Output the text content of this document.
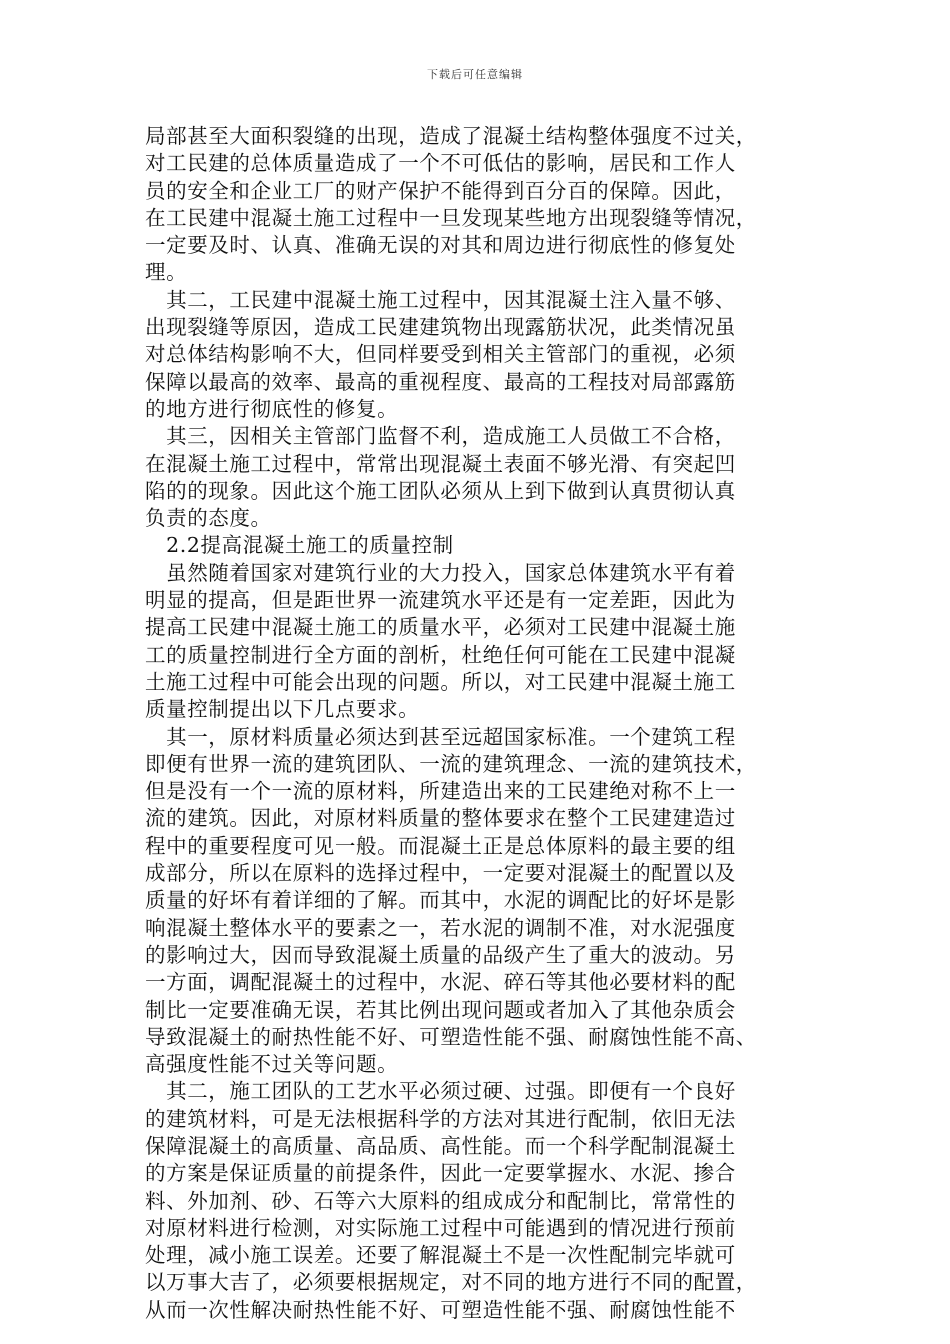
下载后可任意编辑
局部甚至大面积裂缝的出现，造成了混凝土结构整体强度不过关，
对工民建的总体质量造成了一个不可低估的影响，居民和工作人
员的安全和企业工厂的财产保护不能得到百分百的保障。因此，
在工民建中混凝土施工过程中一旦发现某些地方出现裂缝等情况，
一定要及时、认真、准确无误的对其和周边进行彻底性的修复处
理。
　其二，工民建中混凝土施工过程中，因其混凝土注入量不够、
出现裂缝等原因，造成工民建建筑物出现露筋状况，此类情况虽
对总体结构影响不大，但同样要受到相关主管部门的重视，必须
保障以最高的效率、最高的重视程度、最高的工程技对局部露筋
的地方进行彻底性的修复。
　其三，因相关主管部门监督不利，造成施工人员做工不合格，
在混凝土施工过程中，常常出现混凝土表面不够光滑、有突起凹
陷的的现象。因此这个施工团队必须从上到下做到认真贯彻认真
负责的态度。
　2.2提高混凝土施工的质量控制
　虽然随着国家对建筑行业的大力投入，国家总体建筑水平有着
明显的提高，但是距世界一流建筑水平还是有一定差距，因此为
提高工民建中混凝土施工的质量水平，必须对工民建中混凝土施
工的质量控制进行全方面的剖析，杜绝任何可能在工民建中混凝
土施工过程中可能会出现的问题。所以，对工民建中混凝土施工
质量控制提出以下几点要求。
　其一，原材料质量必须达到甚至远超国家标准。一个建筑工程
即便有世界一流的建筑团队、一流的建筑理念、一流的建筑技术，
但是没有一个一流的原材料，所建造出来的工民建绝对称不上一
流的建筑。因此，对原材料质量的整体要求在整个工民建建造过
程中的重要程度可见一般。而混凝土正是总体原料的最主要的组
成部分，所以在原料的选择过程中，一定要对混凝土的配置以及
质量的好坏有着详细的了解。而其中，水泥的调配比的好坏是影
响混凝土整体水平的要素之一，若水泥的调制不准，对水泥强度
的影响过大，因而导致混凝土质量的品级产生了重大的波动。另
一方面，调配混凝土的过程中，水泥、碎石等其他必要材料的配
制比一定要准确无误，若其比例出现问题或者加入了其他杂质会
导致混凝土的耐热性能不好、可塑造性能不强、耐腐蚀性能不高、
高强度性能不过关等问题。
　其二，施工团队的工艺水平必须过硬、过强。即便有一个良好
的建筑材料，可是无法根据科学的方法对其进行配制，依旧无法
保障混凝土的高质量、高品质、高性能。而一个科学配制混凝土
的方案是保证质量的前提条件，因此一定要掌握水、水泥、掺合
料、外加剂、砂、石等六大原料的组成成分和配制比，常常性的
对原材料进行检测，对实际施工过程中可能遇到的情况进行预前
处理，减小施工误差。还要了解混凝土不是一次性配制完毕就可
以万事大吉了，必须要根据规定，对不同的地方进行不同的配置，
从而一次性解决耐热性能不好、可塑造性能不强、耐腐蚀性能不
